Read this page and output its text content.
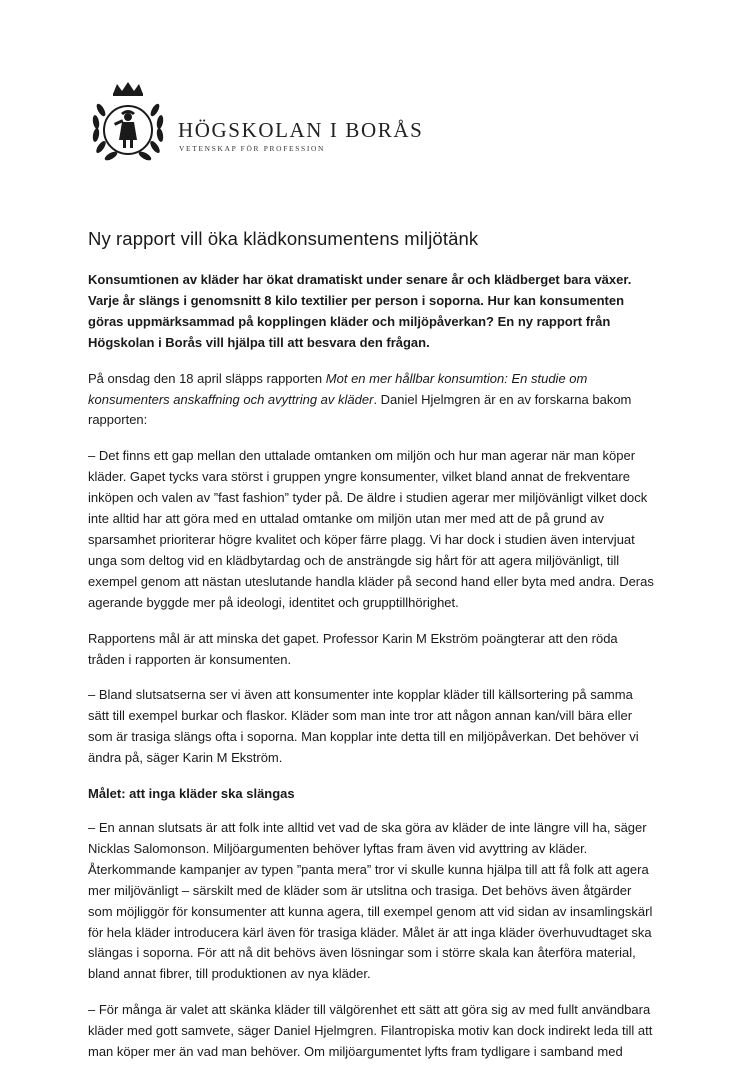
HÖGSKOLAN I BORÅS
VETENSKAP FÖR PROFESSION
Ny rapport vill öka klädkonsumentens miljötänk

Konsumtionen av kläder har ökat dramatiskt under senare år och klädberget bara växer. Varje år slängs i genomsnitt 8 kilo textilier per person i soporna. Hur kan konsumenten göras uppmärksammad på kopplingen kläder och miljöpåverkan? En ny rapport från Högskolan i Borås vill hjälpa till att besvara den frågan.

På onsdag den 18 april släpps rapporten Mot en mer hållbar konsumtion: En studie om konsumenters anskaffning och avyttring av kläder. Daniel Hjelmgren är en av forskarna bakom rapporten:

– Det finns ett gap mellan den uttalade omtanken om miljön och hur man agerar när man köper kläder. Gapet tycks vara störst i gruppen yngre konsumenter, vilket bland annat de frekventare inköpen och valen av ”fast fashion” tyder på. De äldre i studien agerar mer miljövänligt vilket dock inte alltid har att göra med en uttalad omtanke om miljön utan mer med att de på grund av sparsamhet prioriterar högre kvalitet och köper färre plagg. Vi har dock i studien även intervjuat unga som deltog vid en klädbytardag och de ansträngde sig hårt för att agera miljövänligt, till exempel genom att nästan uteslutande handla kläder på second hand eller byta med andra. Deras agerande byggde mer på ideologi, identitet och grupptillhörighet.

Rapportens mål är att minska det gapet. Professor Karin M Ekström poängterar att den röda tråden i rapporten är konsumenten.

– Bland slutsatserna ser vi även att konsumenter inte kopplar kläder till källsortering på samma sätt till exempel burkar och flaskor. Kläder som man inte tror att någon annan kan/vill bära eller som är trasiga slängs ofta i soporna. Man kopplar inte detta till en miljöpåverkan. Det behöver vi ändra på, säger Karin M Ekström.

Målet: att inga kläder ska slängas

– En annan slutsats är att folk inte alltid vet vad de ska göra av kläder de inte längre vill ha, säger Nicklas Salomonson. Miljöargumenten behöver lyftas fram även vid avyttring av kläder. Återkommande kampanjer av typen ”panta mera” tror vi skulle kunna hjälpa till att få folk att agera mer miljövänligt – särskilt med de kläder som är utslitna och trasiga. Det behövs även åtgärder som möjliggör för konsumenter att kunna agera, till exempel genom att vid sidan av insamlingskärl för hela kläder introducera kärl även för trasiga kläder. Målet är att inga kläder överhuvudtaget ska slängas i soporna. För att nå dit behövs även lösningar som i större skala kan återföra material, bland annat fibrer, till produktionen av nya kläder.

– För många är valet att skänka kläder till välgörenhet ett sätt att göra sig av med fullt användbara kläder med gott samvete, säger Daniel Hjelmgren. Filantropiska motiv kan dock indirekt leda till att man köper mer än vad man behöver. Om miljöargumentet lyfts fram tydligare i samband med
